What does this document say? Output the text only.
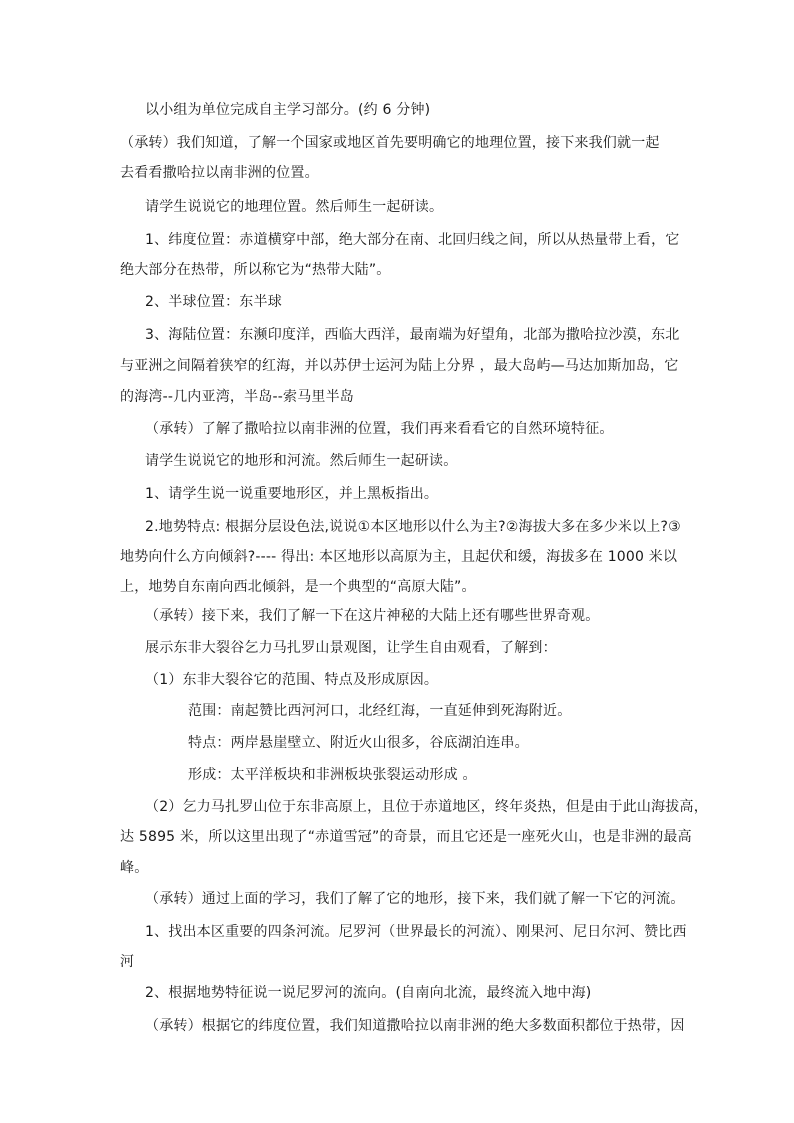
以小组为单位完成自主学习部分。(约 6 分钟)
（承转）我们知道，了解一个国家或地区首先要明确它的地理位置，接下来我们就一起
去看看撒哈拉以南非洲的位置。
请学生说说它的地理位置。然后师生一起研读。
1、纬度位置：赤道横穿中部，绝大部分在南、北回归线之间，所以从热量带上看，它
绝大部分在热带，所以称它为“热带大陆”。
2、半球位置：东半球
3、海陆位置：东濒印度洋，西临大西洋，最南端为好望角，北部为撒哈拉沙漠，东北
与亚洲之间隔着狭窄的红海，并以苏伊士运河为陆上分界 ，最大岛屿—马达加斯加岛，它
的海湾--几内亚湾，半岛--索马里半岛
（承转）了解了撒哈拉以南非洲的位置，我们再来看看它的自然环境特征。
请学生说说它的地形和河流。然后师生一起研读。
1、请学生说一说重要地形区，并上黑板指出。
2.地势特点: 根据分层设色法,说说①本区地形以什么为主?②海拔大多在多少米以上?③
地势向什么方向倾斜?---- 得出: 本区地形以高原为主，且起伏和缓，海拔多在 1000 米以
上，地势自东南向西北倾斜，是一个典型的“高原大陆”。
（承转）接下来，我们了解一下在这片神秘的大陆上还有哪些世界奇观。
展示东非大裂谷乞力马扎罗山景观图，让学生自由观看，了解到：
（1）东非大裂谷它的范围、特点及形成原因。
范围：南起赞比西河河口，北经红海，一直延伸到死海附近。
特点：两岸悬崖壁立、附近火山很多，谷底湖泊连串。
形成：太平洋板块和非洲板块张裂运动形成 。
（2）乞力马扎罗山位于东非高原上，且位于赤道地区，终年炎热，但是由于此山海拔高，
达 5895 米，所以这里出现了“赤道雪冠”的奇景，而且它还是一座死火山，也是非洲的最高
峰。
（承转）通过上面的学习，我们了解了它的地形，接下来，我们就了解一下它的河流。
1、找出本区重要的四条河流。尼罗河（世界最长的河流）、刚果河、尼日尔河、赞比西
河
2、根据地势特征说一说尼罗河的流向。(自南向北流，最终流入地中海)
（承转）根据它的纬度位置，我们知道撒哈拉以南非洲的绝大多数面积都位于热带，因
